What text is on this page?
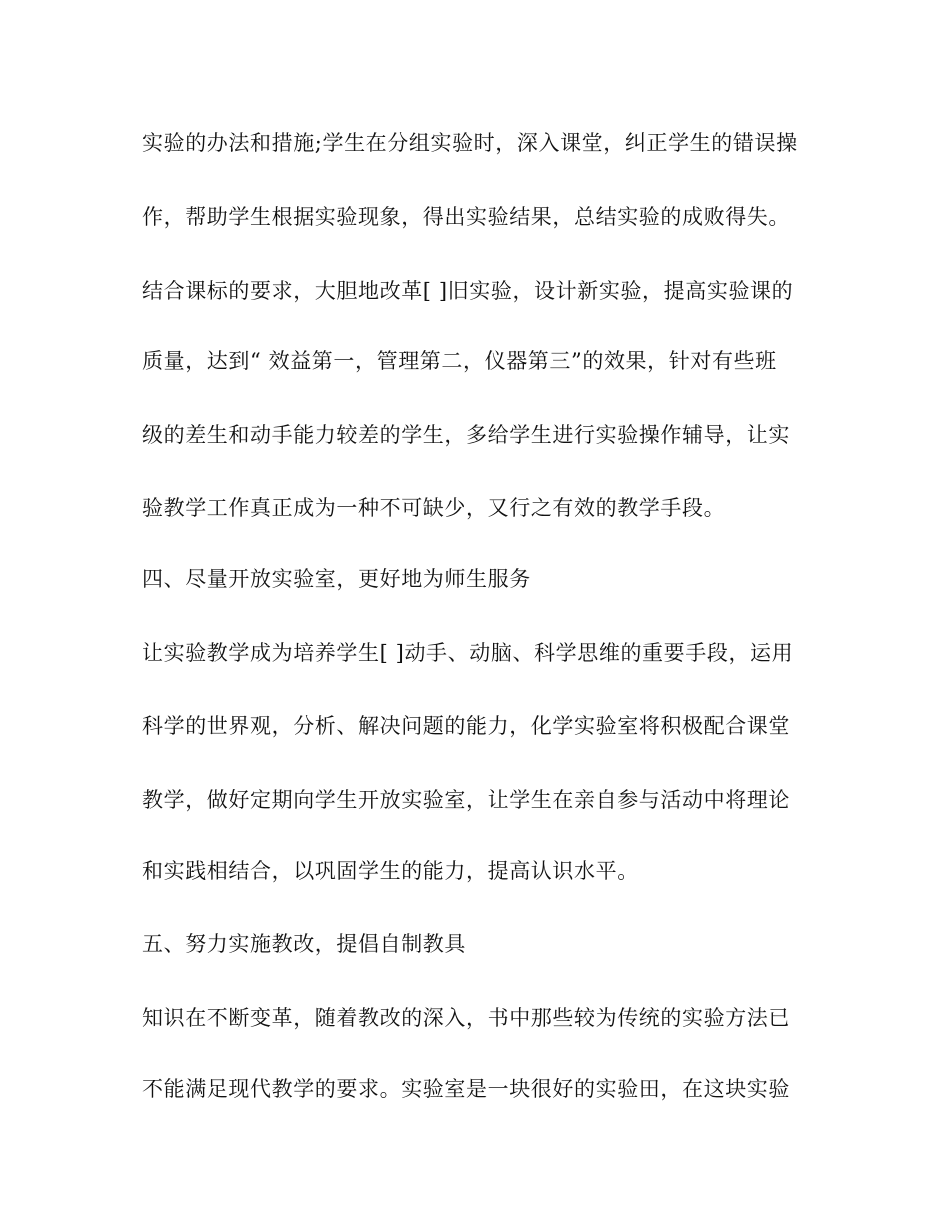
实验的办法和措施;学生在分组实验时，深入课堂，纠正学生的错误操
作，帮助学生根据实验现象，得出实验结果，总结实验的成败得失。
结合课标的要求，大胆地改革[ ]旧实验，设计新实验，提高实验课的
质量，达到“ 效益第一，管理第二，仪器第三”的效果，针对有些班
级的差生和动手能力较差的学生，多给学生进行实验操作辅导，让实
验教学工作真正成为一种不可缺少，又行之有效的教学手段。
四、尽量开放实验室，更好地为师生服务
让实验教学成为培养学生[ ]动手、动脑、科学思维的重要手段，运用
科学的世界观，分析、解决问题的能力，化学实验室将积极配合课堂
教学，做好定期向学生开放实验室，让学生在亲自参与活动中将理论
和实践相结合，以巩固学生的能力，提高认识水平。
五、努力实施教改，提倡自制教具
知识在不断变革，随着教改的深入，书中那些较为传统的实验方法已
不能满足现代教学的要求。实验室是一块很好的实验田，在这块实验
